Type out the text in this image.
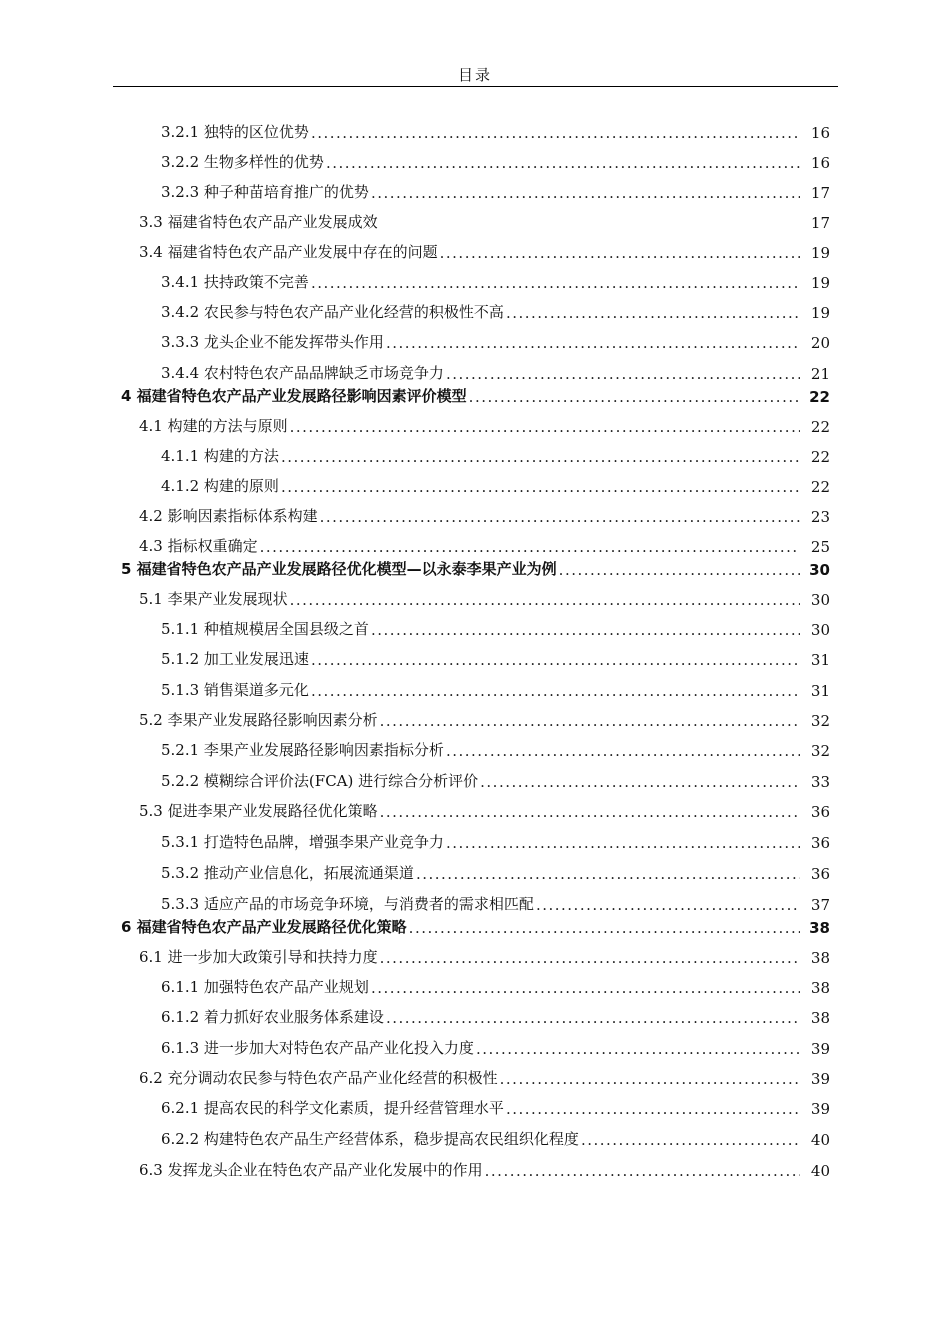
目录
3.2.1 独特的区位优势 .....	16
3.2.2 生物多样性的优势 .....	16
3.2.3 种子种苗培育推广的优势 .....	17
3.3 福建省特色农产品产业发展成效	17
3.4 福建省特色农产品产业发展中存在的问题 .....	19
3.4.1 扶持政策不完善 .....	19
3.4.2 农民参与特色农产品产业化经营的积极性不高 .....	19
3.3.3 龙头企业不能发挥带头作用 .....	20
3.4.4 农村特色农产品品牌缺乏市场竞争力 .....	21
4 福建省特色农产品产业发展路径影响因素评价模型 .....	22
4.1 构建的方法与原则 .....	22
4.1.1 构建的方法 .....	22
4.1.2 构建的原则 .....	22
4.2 影响因素指标体系构建 .....	23
4.3 指标权重确定 .....	25
5 福建省特色农产品产业发展路径优化模型—以永泰李果产业为例 .....	30
5.1 李果产业发展现状 .....	30
5.1.1 种植规模居全国县级之首 .....	30
5.1.2 加工业发展迅速 .....	31
5.1.3 销售渠道多元化 .....	31
5.2 李果产业发展路径影响因素分析 .....	32
5.2.1 李果产业发展路径影响因素指标分析 .....	32
5.2.2 模糊综合评价法(FCA) 进行综合分析评价 .....	33
5.3 促进李果产业发展路径优化策略 .....	36
5.3.1 打造特色品牌，增强李果产业竞争力 .....	36
5.3.2 推动产业信息化，拓展流通渠道 .....	36
5.3.3 适应产品的市场竞争环境，与消费者的需求相匹配 .....	37
6 福建省特色农产品产业发展路径优化策略 .....	38
6.1 进一步加大政策引导和扶持力度 .....	38
6.1.1 加强特色农产品产业规划 .....	38
6.1.2 着力抓好农业服务体系建设 .....	38
6.1.3 进一步加大对特色农产品产业化投入力度 .....	39
6.2 充分调动农民参与特色农产品产业化经营的积极性 .....	39
6.2.1 提高农民的科学文化素质，提升经营管理水平 .....	39
6.2.2 构建特色农产品生产经营体系，稳步提高农民组织化程度 .....	40
6.3 发挥龙头企业在特色农产品产业化发展中的作用 .....	40
